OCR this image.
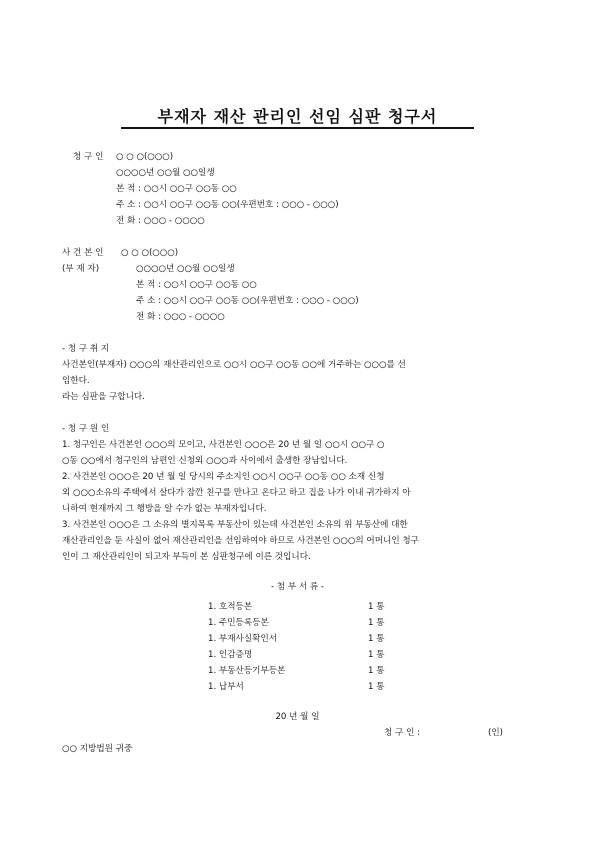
부재자 재산 관리인 선임 심판 청구서
청 구 인 ○ ○ ○(○○○)
○○○○년 ○○월 ○○일생
본 적 : ○○시 ○○구 ○○동 ○○
주 소 : ○○시 ○○구 ○○동 ○○(우편번호 : ○○○ - ○○○)
전 화 : ○○○ - ○○○○
사 건 본 인 ○ ○ ○(○○○)
(부 재 자)	○○○○년 ○○월 ○○일생
본 적 : ○○시 ○○구 ○○동 ○○
주 소 : ○○시 ○○구 ○○동 ○○(우편번호 : ○○○ - ○○○)
전 화 : ○○○ - ○○○○
- 청 구 취 지
사건본인(부재자) ○○○의 재산관리인으로 ○○시 ○○구 ○○동 ○○에 거주하는 ○○○를 선
임한다.
라는 심판을 구합니다.
- 청 구 원 인
1. 청구인은 사건본인 ○○○의 모이고, 사건본인 ○○○은 20 년 월 일 ○○시 ○○구 ○
○동 ○○에서 청구인의 남편인 신청외 ○○○과 사이에서 출생한 장남입니다.
2. 사건본인 ○○○은 20 년 월 일 당시의 주소지인 ○○시 ○○구 ○○동 ○○ 소재 신청
외 ○○○소유의 주택에서 살다가 잠깐 친구를 만나고 온다고 하고 집을 나가 이내 귀가하지 아
니하여 현재까지 그 행방을 알 수가 없는 부재자입니다.
3. 사건본인 ○○○은 그 소유의 별지목록 부동산이 있는데 사건본인 소유의 위 부동산에 대한
재산관리인을 둔 사실이 없어 재산관리인을 선임하여야 하므로 사건본인 ○○○의 어머니인 청구
인이 그 재산관리인이 되고자 부득이 본 심판청구에 이른 것입니다.
- 첨 부 서 류 -
1. 호적등본	1 통
1. 주민등록등본	1 통
1. 부재사실확인서	1 통
1. 인감증명	1 통
1. 부동산등기부등본	1 통
1. 납부서	1 통
20 년 월 일
청 구 인 :	(인)
○○ 지방법원 귀중
